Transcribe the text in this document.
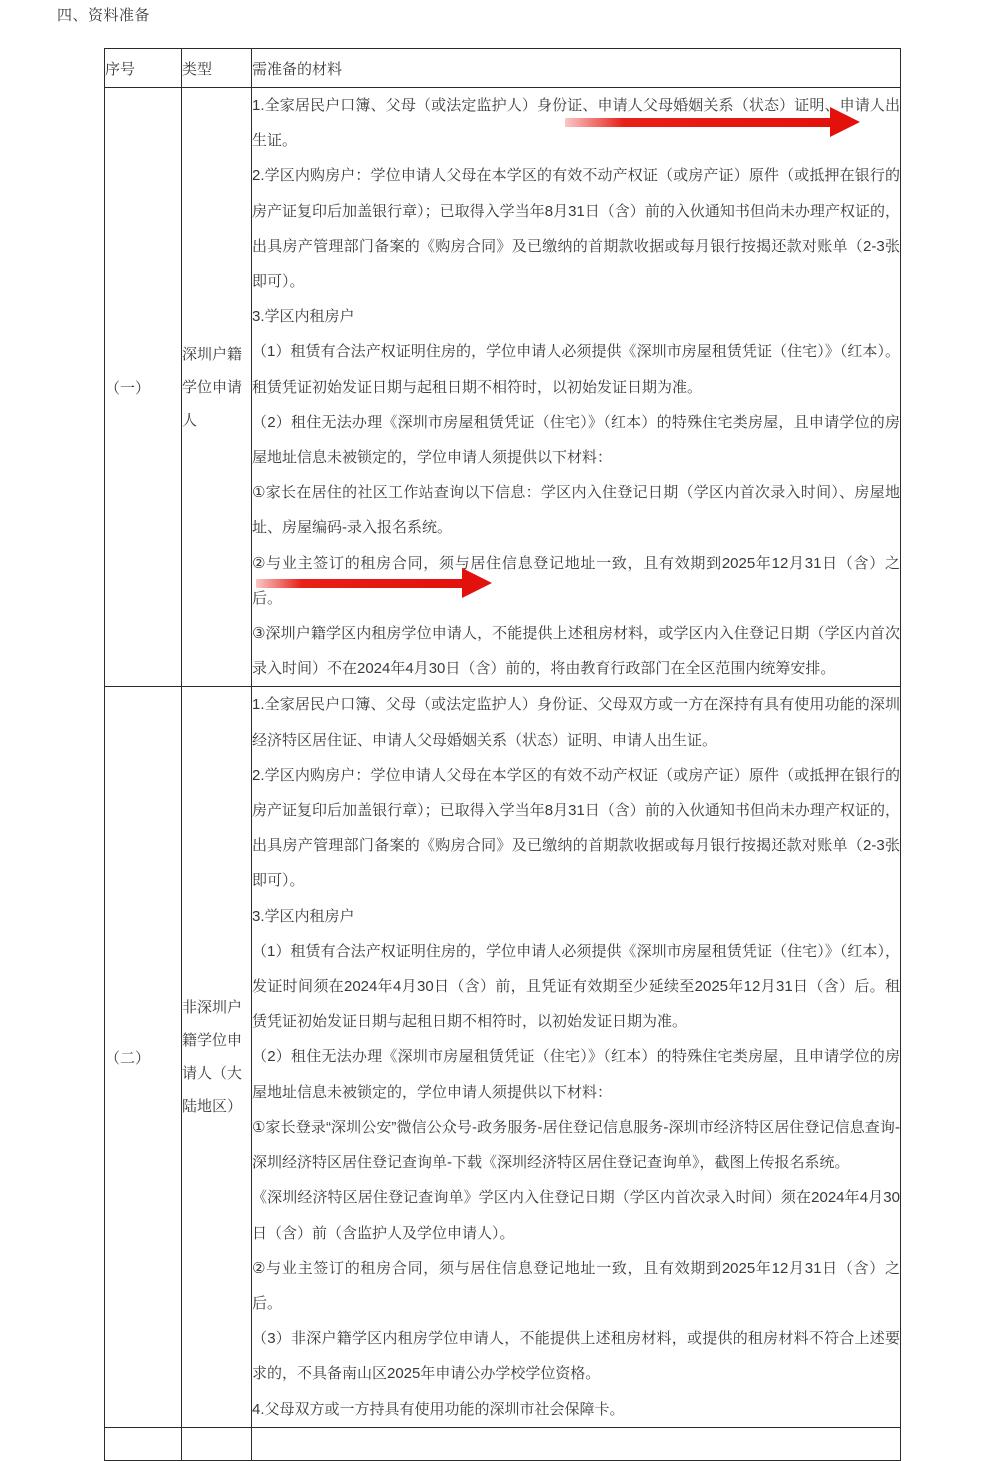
四、资料准备
序号	类型	需准备的材料
（一）	深圳户籍学位申请人	

1.全家居民户口簿、父母（或法定监护人）身份证、申请人父母婚姻关系（状态）证明、申请人出生证。

2.学区内购房户：学位申请人父母在本学区的有效不动产权证（或房产证）原件（或抵押在银行的房产证复印后加盖银行章）；已取得入学当年8月31日（含）前的入伙通知书但尚未办理产权证的，出具房产管理部门备案的《购房合同》及已缴纳的首期款收据或每月银行按揭还款对账单（2-3张即可）。

3.学区内租房户

（1）租赁有合法产权证明住房的，学位申请人必须提供《深圳市房屋租赁凭证（住宅）》（红本）。租赁凭证初始发证日期与起租日期不相符时，以初始发证日期为准。

（2）租住无法办理《深圳市房屋租赁凭证（住宅）》（红本）的特殊住宅类房屋，且申请学位的房屋地址信息未被锁定的，学位申请人须提供以下材料：

①家长在居住的社区工作站查询以下信息：学区内入住登记日期（学区内首次录入时间）、房屋地址、房屋编码-录入报名系统。

②与业主签订的租房合同，须与居住信息登记地址一致，且有效期到2025年12月31日（含）之后。

③深圳户籍学区内租房学位申请人，不能提供上述租房材料，或学区内入住登记日期（学区内首次录入时间）不在2024年4月30日（含）前的，将由教育行政部门在全区范围内统筹安排。

（二）	非深圳户籍学位申请人（大陆地区）	

1.全家居民户口簿、父母（或法定监护人）身份证、父母双方或一方在深持有具有使用功能的深圳经济特区居住证、申请人父母婚姻关系（状态）证明、申请人出生证。

2.学区内购房户：学位申请人父母在本学区的有效不动产权证（或房产证）原件（或抵押在银行的房产证复印后加盖银行章）；已取得入学当年8月31日（含）前的入伙通知书但尚未办理产权证的，出具房产管理部门备案的《购房合同》及已缴纳的首期款收据或每月银行按揭还款对账单（2-3张即可）。

3.学区内租房户

（1）租赁有合法产权证明住房的，学位申请人必须提供《深圳市房屋租赁凭证（住宅）》（红本），发证时间须在2024年4月30日（含）前，且凭证有效期至少延续至2025年12月31日（含）后。租赁凭证初始发证日期与起租日期不相符时，以初始发证日期为准。

（2）租住无法办理《深圳市房屋租赁凭证（住宅）》（红本）的特殊住宅类房屋，且申请学位的房屋地址信息未被锁定的，学位申请人须提供以下材料：

①家长登录“深圳公安”微信公众号-政务服务-居住登记信息服务-深圳市经济特区居住登记信息查询-深圳经济特区居住登记查询单-下载《深圳经济特区居住登记查询单》，截图上传报名系统。

《深圳经济特区居住登记查询单》学区内入住登记日期（学区内首次录入时间）须在2024年4月30日（含）前（含监护人及学位申请人）。

②与业主签订的租房合同，须与居住信息登记地址一致，且有效期到2025年12月31日（含）之后。

（3）非深户籍学区内租房学位申请人，不能提供上述租房材料，或提供的租房材料不符合上述要求的，不具备南山区2025年申请公办学校学位资格。

4.父母双方或一方持具有使用功能的深圳市社会保障卡。
